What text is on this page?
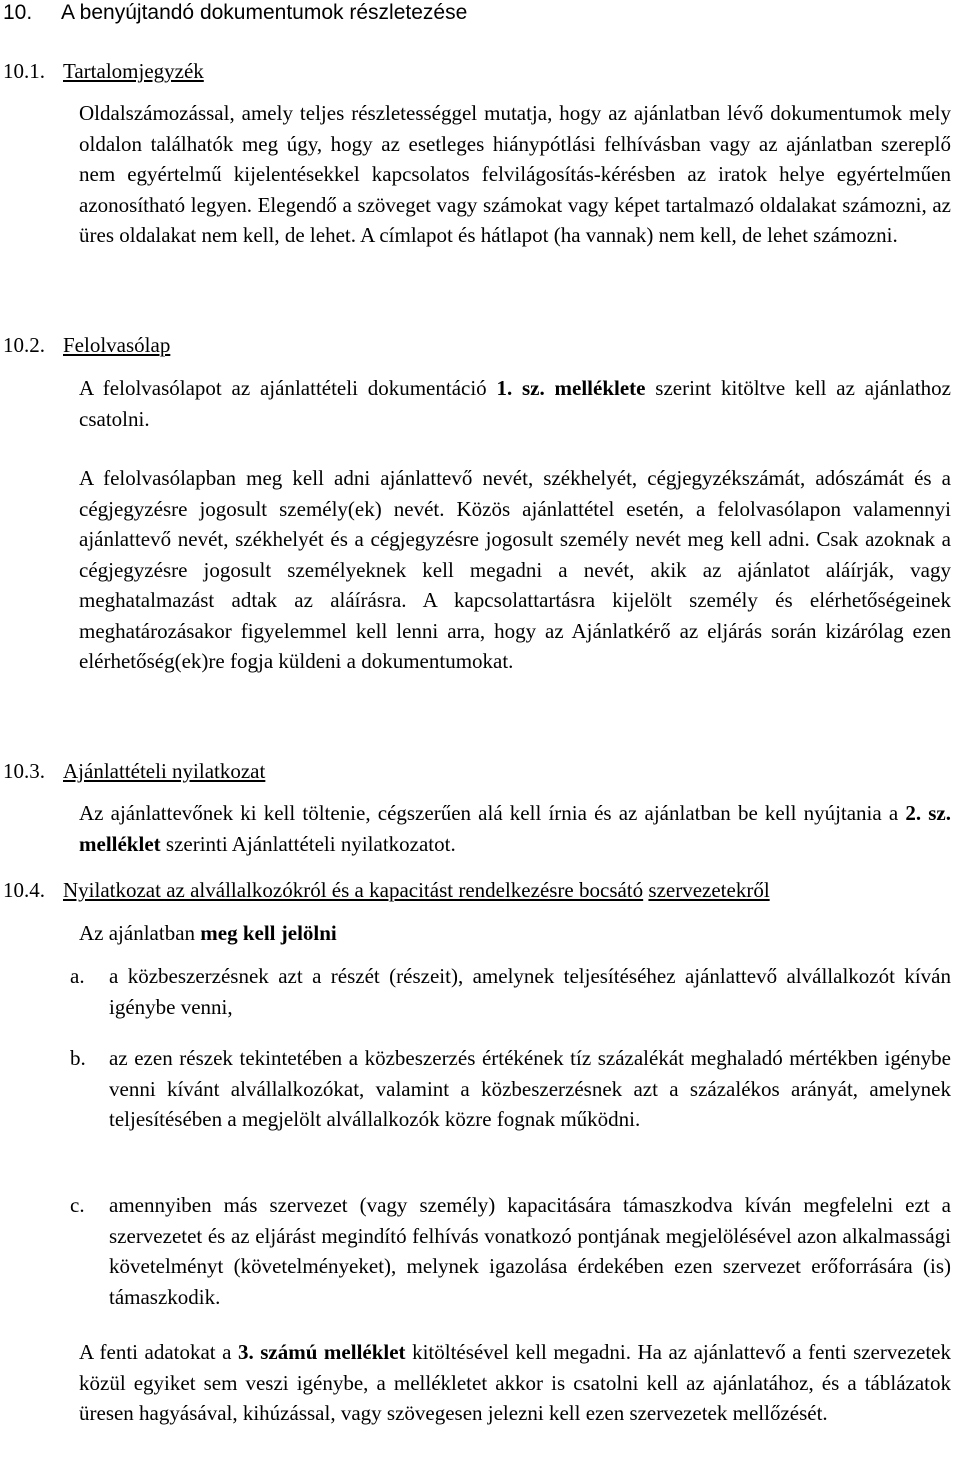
10. A benyújtandó dokumentumok részletezése
10.1. Tartalomjegyzék

Oldalszámozással, amely teljes részletességgel mutatja, hogy az ajánlatban lévő dokumentumok mely oldalon találhatók meg úgy, hogy az esetleges hiánypótlási felhívásban vagy az ajánlatban szereplő nem egyértelmű kijelentésekkel kapcsolatos felvilágosítás-kérésben az iratok helye egyértelműen azonosítható legyen. Elegendő a szöveget vagy számokat vagy képet tartalmazó oldalakat számozni, az üres oldalakat nem kell, de lehet. A címlapot és hátlapot (ha vannak) nem kell, de lehet számozni.

10.2. Felolvasólap

A felolvasólapot az ajánlattételi dokumentáció 1. sz. melléklete szerint kitöltve kell az ajánlathoz csatolni.

A felolvasólapban meg kell adni ajánlattevő nevét, székhelyét, cégjegyzékszámát, adószámát és a cégjegyzésre jogosult személy(ek) nevét. Közös ajánlattétel esetén, a felolvasólapon valamennyi ajánlattevő nevét, székhelyét és a cégjegyzésre jogosult személy nevét meg kell adni. Csak azoknak a cégjegyzésre jogosult személyeknek kell megadni a nevét, akik az ajánlatot aláírják, vagy meghatalmazást adtak az aláírásra. A kapcsolattartásra kijelölt személy és elérhetőségeinek meghatározásakor figyelemmel kell lenni arra, hogy az Ajánlatkérő az eljárás során kizárólag ezen elérhetőség(ek)re fogja küldeni a dokumentumokat.

10.3. Ajánlattételi nyilatkozat

Az ajánlattevőnek ki kell töltenie, cégszerűen alá kell írnia és az ajánlatban be kell nyújtania a 2. sz. melléklet szerinti Ajánlattételi nyilatkozatot.

10.4. Nyilatkozat az alvállalkozókról és a kapacitást rendelkezésre bocsátó szervezetekről

Az ajánlatban meg kell jelölni

a.	a közbeszerzésnek azt a részét (részeit), amelynek teljesítéséhez ajánlattevő alvállalkozót kíván igénybe venni,
b.	az ezen részek tekintetében a közbeszerzés értékének tíz százalékát meghaladó mértékben igénybe venni kívánt alvállalkozókat, valamint a közbeszerzésnek azt a százalékos arányát, amelynek teljesítésében a megjelölt alvállalkozók közre fognak működni.
c.	amennyiben más szervezet (vagy személy) kapacitására támaszkodva kíván megfelelni ezt a szervezetet és az eljárást megindító felhívás vonatkozó pontjának megjelölésével azon alkalmassági követelményt (követelményeket), melynek igazolása érdekében ezen szervezet erőforrására (is) támaszkodik.

A fenti adatokat a 3. számú melléklet kitöltésével kell megadni. Ha az ajánlattevő a fenti szervezetek közül egyiket sem veszi igénybe, a mellékletet akkor is csatolni kell az ajánlatához, és a táblázatok üresen hagyásával, kihúzással, vagy szövegesen jelezni kell ezen szervezetek mellőzését.
